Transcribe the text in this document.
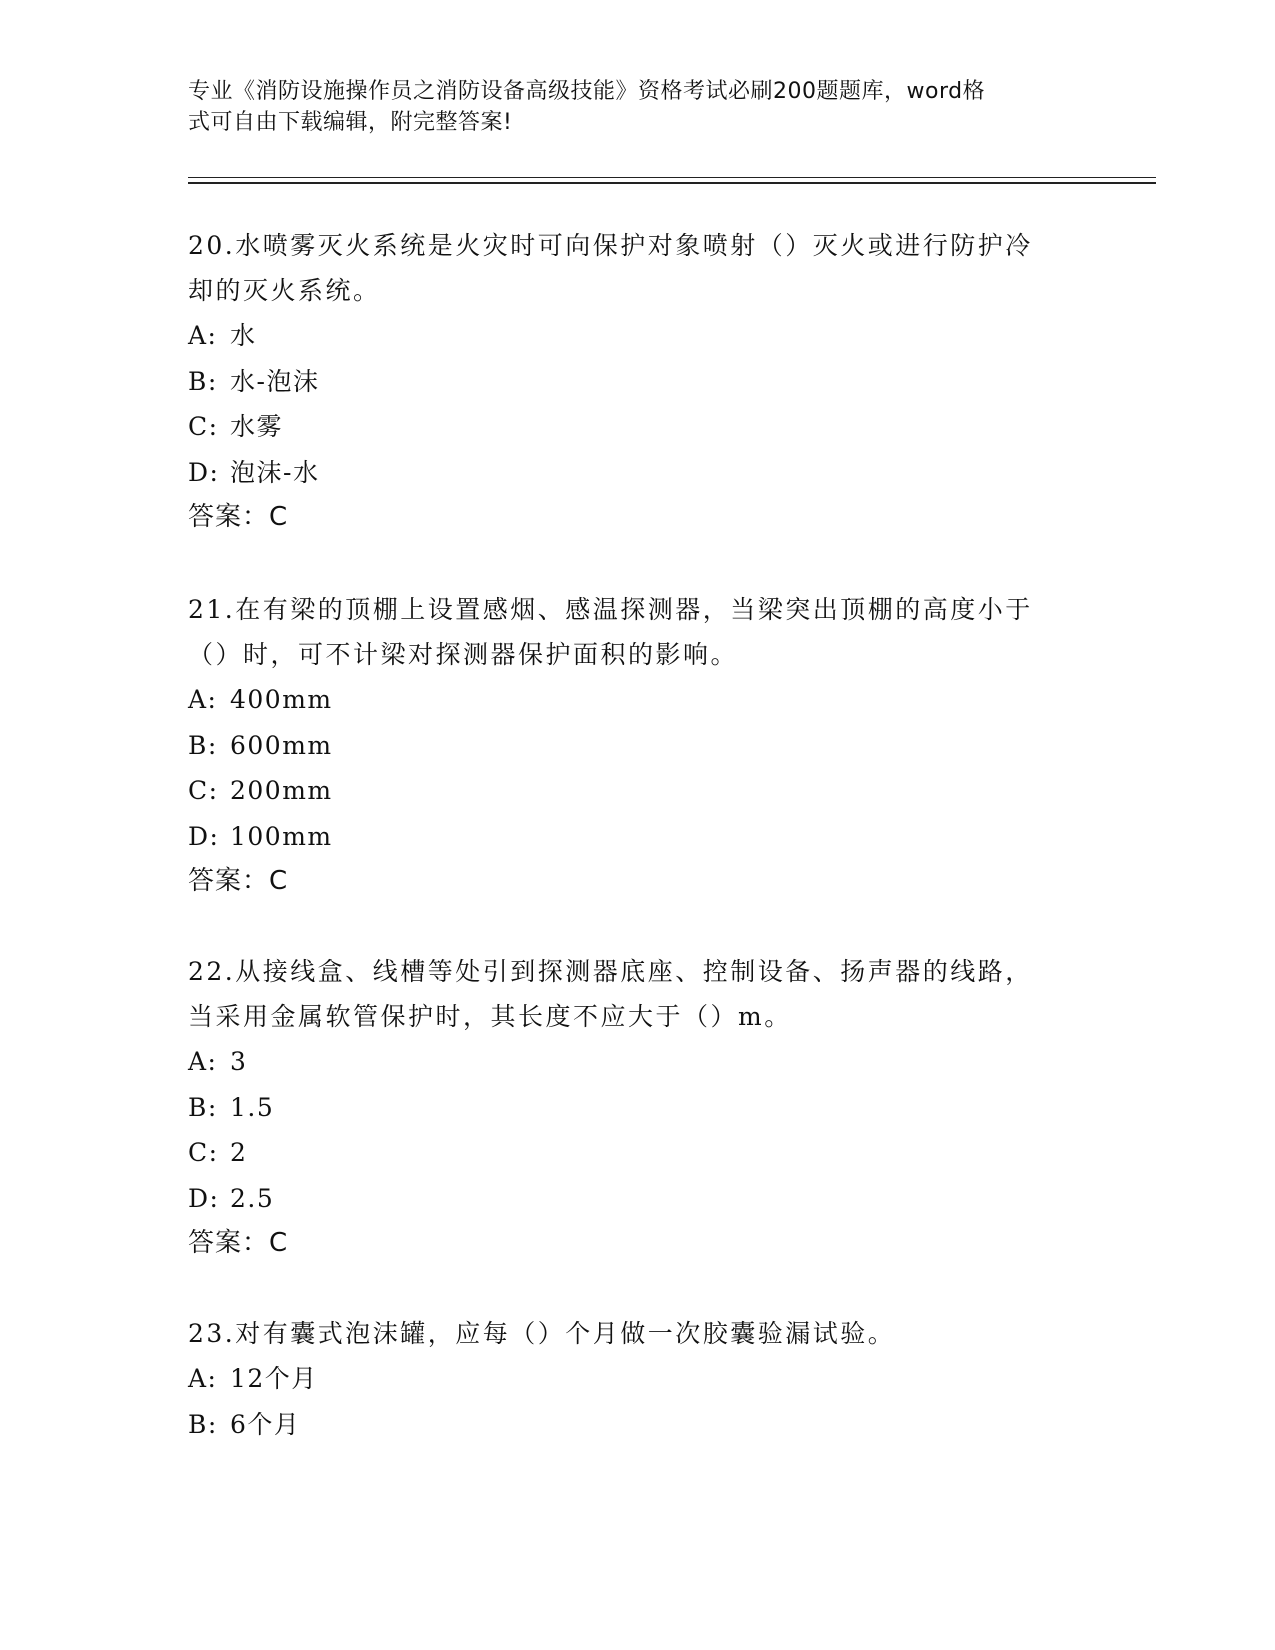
专业《消防设施操作员之消防设备高级技能》资格考试必刷200题题库，word格
式可自由下载编辑，附完整答案!

20.水喷雾灭火系统是火灾时可向保护对象喷射（）灭火或进行防护冷

却的灭火系统。

A: 水

B: 水-泡沫

C: 水雾

D: 泡沫-水

答案：C

21.在有梁的顶棚上设置感烟、感温探测器，当梁突出顶棚的高度小于

（）时，可不计梁对探测器保护面积的影响。

A: 400mm

B: 600mm

C: 200mm

D: 100mm

答案：C

22.从接线盒、线槽等处引到探测器底座、控制设备、扬声器的线路，

当采用金属软管保护时，其长度不应大于（）m。

A: 3

B: 1.5

C: 2

D: 2.5

答案：C

23.对有囊式泡沫罐，应每（）个月做一次胶囊验漏试验。

A: 12个月

B: 6个月
